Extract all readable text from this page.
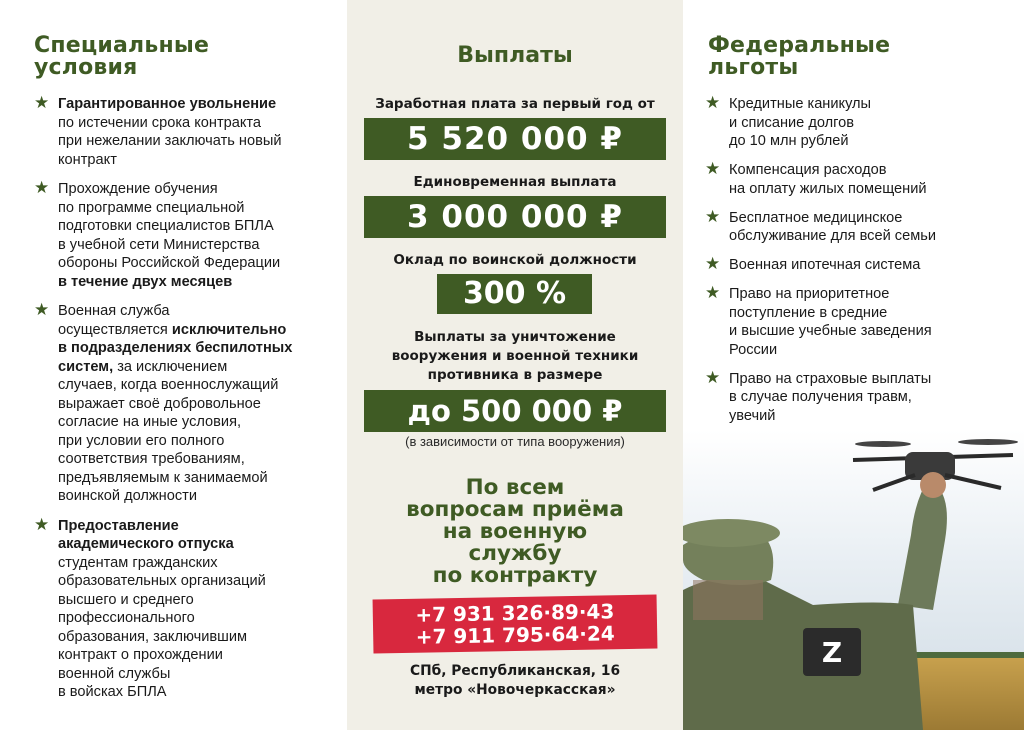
Специальные
условия
★ Гарантированное увольнение
по истечении срока контракта
при нежелании заключать новый
контракт
★ Прохождение обучения
по программе специальной
подготовки специалистов БПЛА
в учебной сети Министерства
обороны Российской Федерации
в течение двух месяцев
★ Военная служба
осуществляется исключительно
в подразделениях беспилотных
систем, за исключением
случаев, когда военнослужащий
выражает своё добровольное
согласие на иные условия,
при условии его полного
соответствия требованиям,
предъявляемым к занимаемой
воинской должности
★ Предоставление
академического отпуска
студентам гражданских
образовательных организаций
высшего и среднего
профессионального
образования, заключившим
контракт о прохождении
военной службы
в войсках БПЛА
Выплаты
Заработная плата за первый год от
5 520 000 ₽
Единовременная выплата
3 000 000 ₽
Оклад по воинской должности
300 %
Выплаты за уничтожение
вооружения и военной техники
противника в размере
до 500 000 ₽
(в зависимости от типа вооружения)
По всем
вопросам приёма
на военную
службу
по контракту
+7 931 326·89·43
+7 911 795·64·24
СПб, Республиканская, 16
метро «Новочеркасская»
Федеральные
льготы
★ Кредитные каникулы
и списание долгов
до 10 млн рублей
★ Компенсация расходов
на оплату жилых помещений
★ Бесплатное медицинское
обслуживание для всей семьи
★ Военная ипотечная система
★ Право на приоритетное
поступление в средние
и высшие учебные заведения
России
★ Право на страховые выплаты
в случае получения травм,
увечий
Z
